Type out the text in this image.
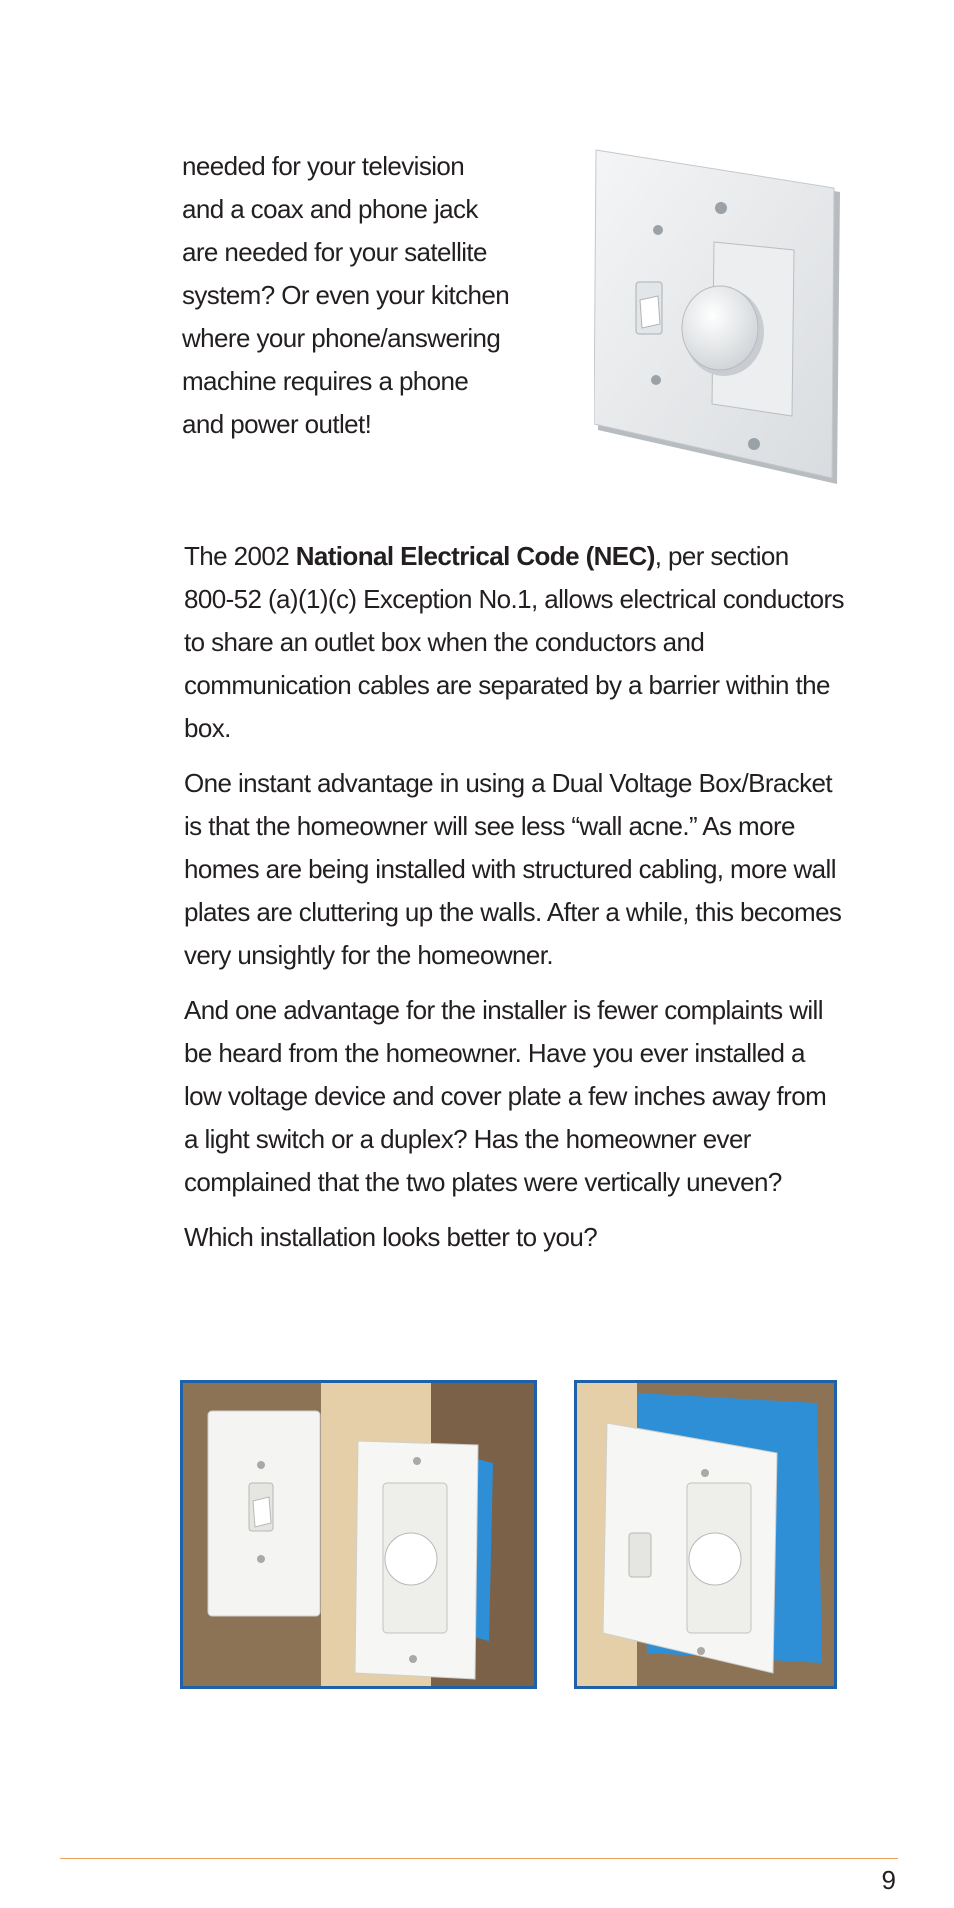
needed for your television
and a coax and phone jack
are needed for your satellite
system? Or even your kitchen
where your phone/answering
machine requires a phone
and power outlet!

The 2002 National Electrical Code (NEC), per section 800-52 (a)(1)(c) Exception No.1, allows electrical conductors to share an outlet box when the conductors and communication cables are separated by a barrier within the box.

One instant advantage in using a Dual Voltage Box/Bracket is that the homeowner will see less “wall acne.” As more homes are being installed with structured cabling, more wall plates are cluttering up the walls. After a while, this becomes very unsightly for the homeowner.

And one advantage for the installer is fewer complaints will be heard from the homeowner. Have you ever installed a low voltage device and cover plate a few inches away from a light switch or a duplex? Has the homeowner ever complained that the two plates were vertically uneven?

Which installation looks better to you?

9
